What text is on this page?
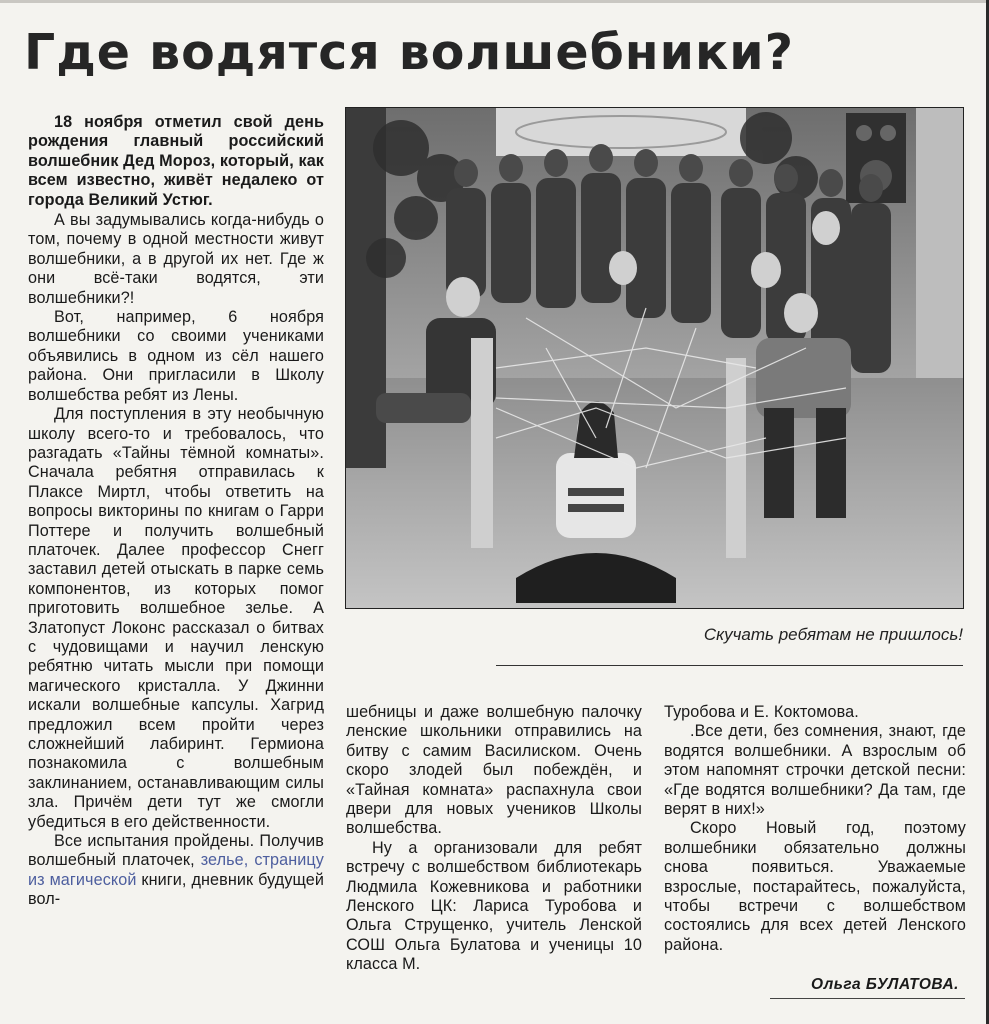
Где водятся волшебники?

18 ноября отметил свой день рождения главный российский волшебник Дед Мороз, который, как всем известно, живёт недалеко от города Великий Устюг.

А вы задумывались когда-нибудь о том, почему в одной местности живут волшебники, а в другой их нет. Где ж они всё-таки водятся, эти волшебники?!

Вот, например, 6 ноября волшебники со своими учениками объявились в одном из сёл нашего района. Они пригласили в Школу волшебства ребят из Лены.

Для поступления в эту необычную школу всего-то и требовалось, что разгадать «Тайны тёмной комнаты». Сначала ребятня отправилась к Плаксе Миртл, чтобы ответить на вопросы викторины по книгам о Гарри Поттере и получить волшебный платочек. Далее профессор Снегг заставил детей отыскать в парке семь компонентов, из которых помог приготовить волшебное зелье. А Златопуст Локонс рассказал о битвах с чудовищами и научил ленскую ребятню читать мысли при помощи магического кристалла. У Джинни искали волшебные капсулы. Хагрид предложил всем пройти через сложнейший лабиринт. Гермиона познакомила с волшебным заклинанием, останавливающим силы зла. Причём дети тут же смогли убедиться в его действенности.

Все испытания пройдены. Получив волшебный платочек, зелье, страницу из магической книги, дневник будущей вол-

Скучать ребятам не пришлось!

шебницы и даже волшебную палочку ленские школьники отправились на битву с самим Василиском. Очень скоро злодей был побеждён, и «Тайная комната» распахнула свои двери для новых учеников Школы волшебства.

Ну а организовали для ребят встречу с волшебством библиотекарь Людмила Кожевникова и работники Ленского ЦК: Лариса Туробова и Ольга Струщенко, учитель Ленской СОШ Ольга Булатова и ученицы 10 класса М.

Туробова и Е. Коктомова.

.Все дети, без сомнения, знают, где водятся волшебники. А взрослым об этом напомнят строчки детской песни: «Где водятся волшебники? Да там, где верят в них!»

Скоро Новый год, поэтому волшебники обязательно должны снова появиться. Уважаемые взрослые, постарайтесь, пожалуйста, чтобы встречи с волшебством состоялись для всех детей Ленского района.

Ольга БУЛАТОВА.
